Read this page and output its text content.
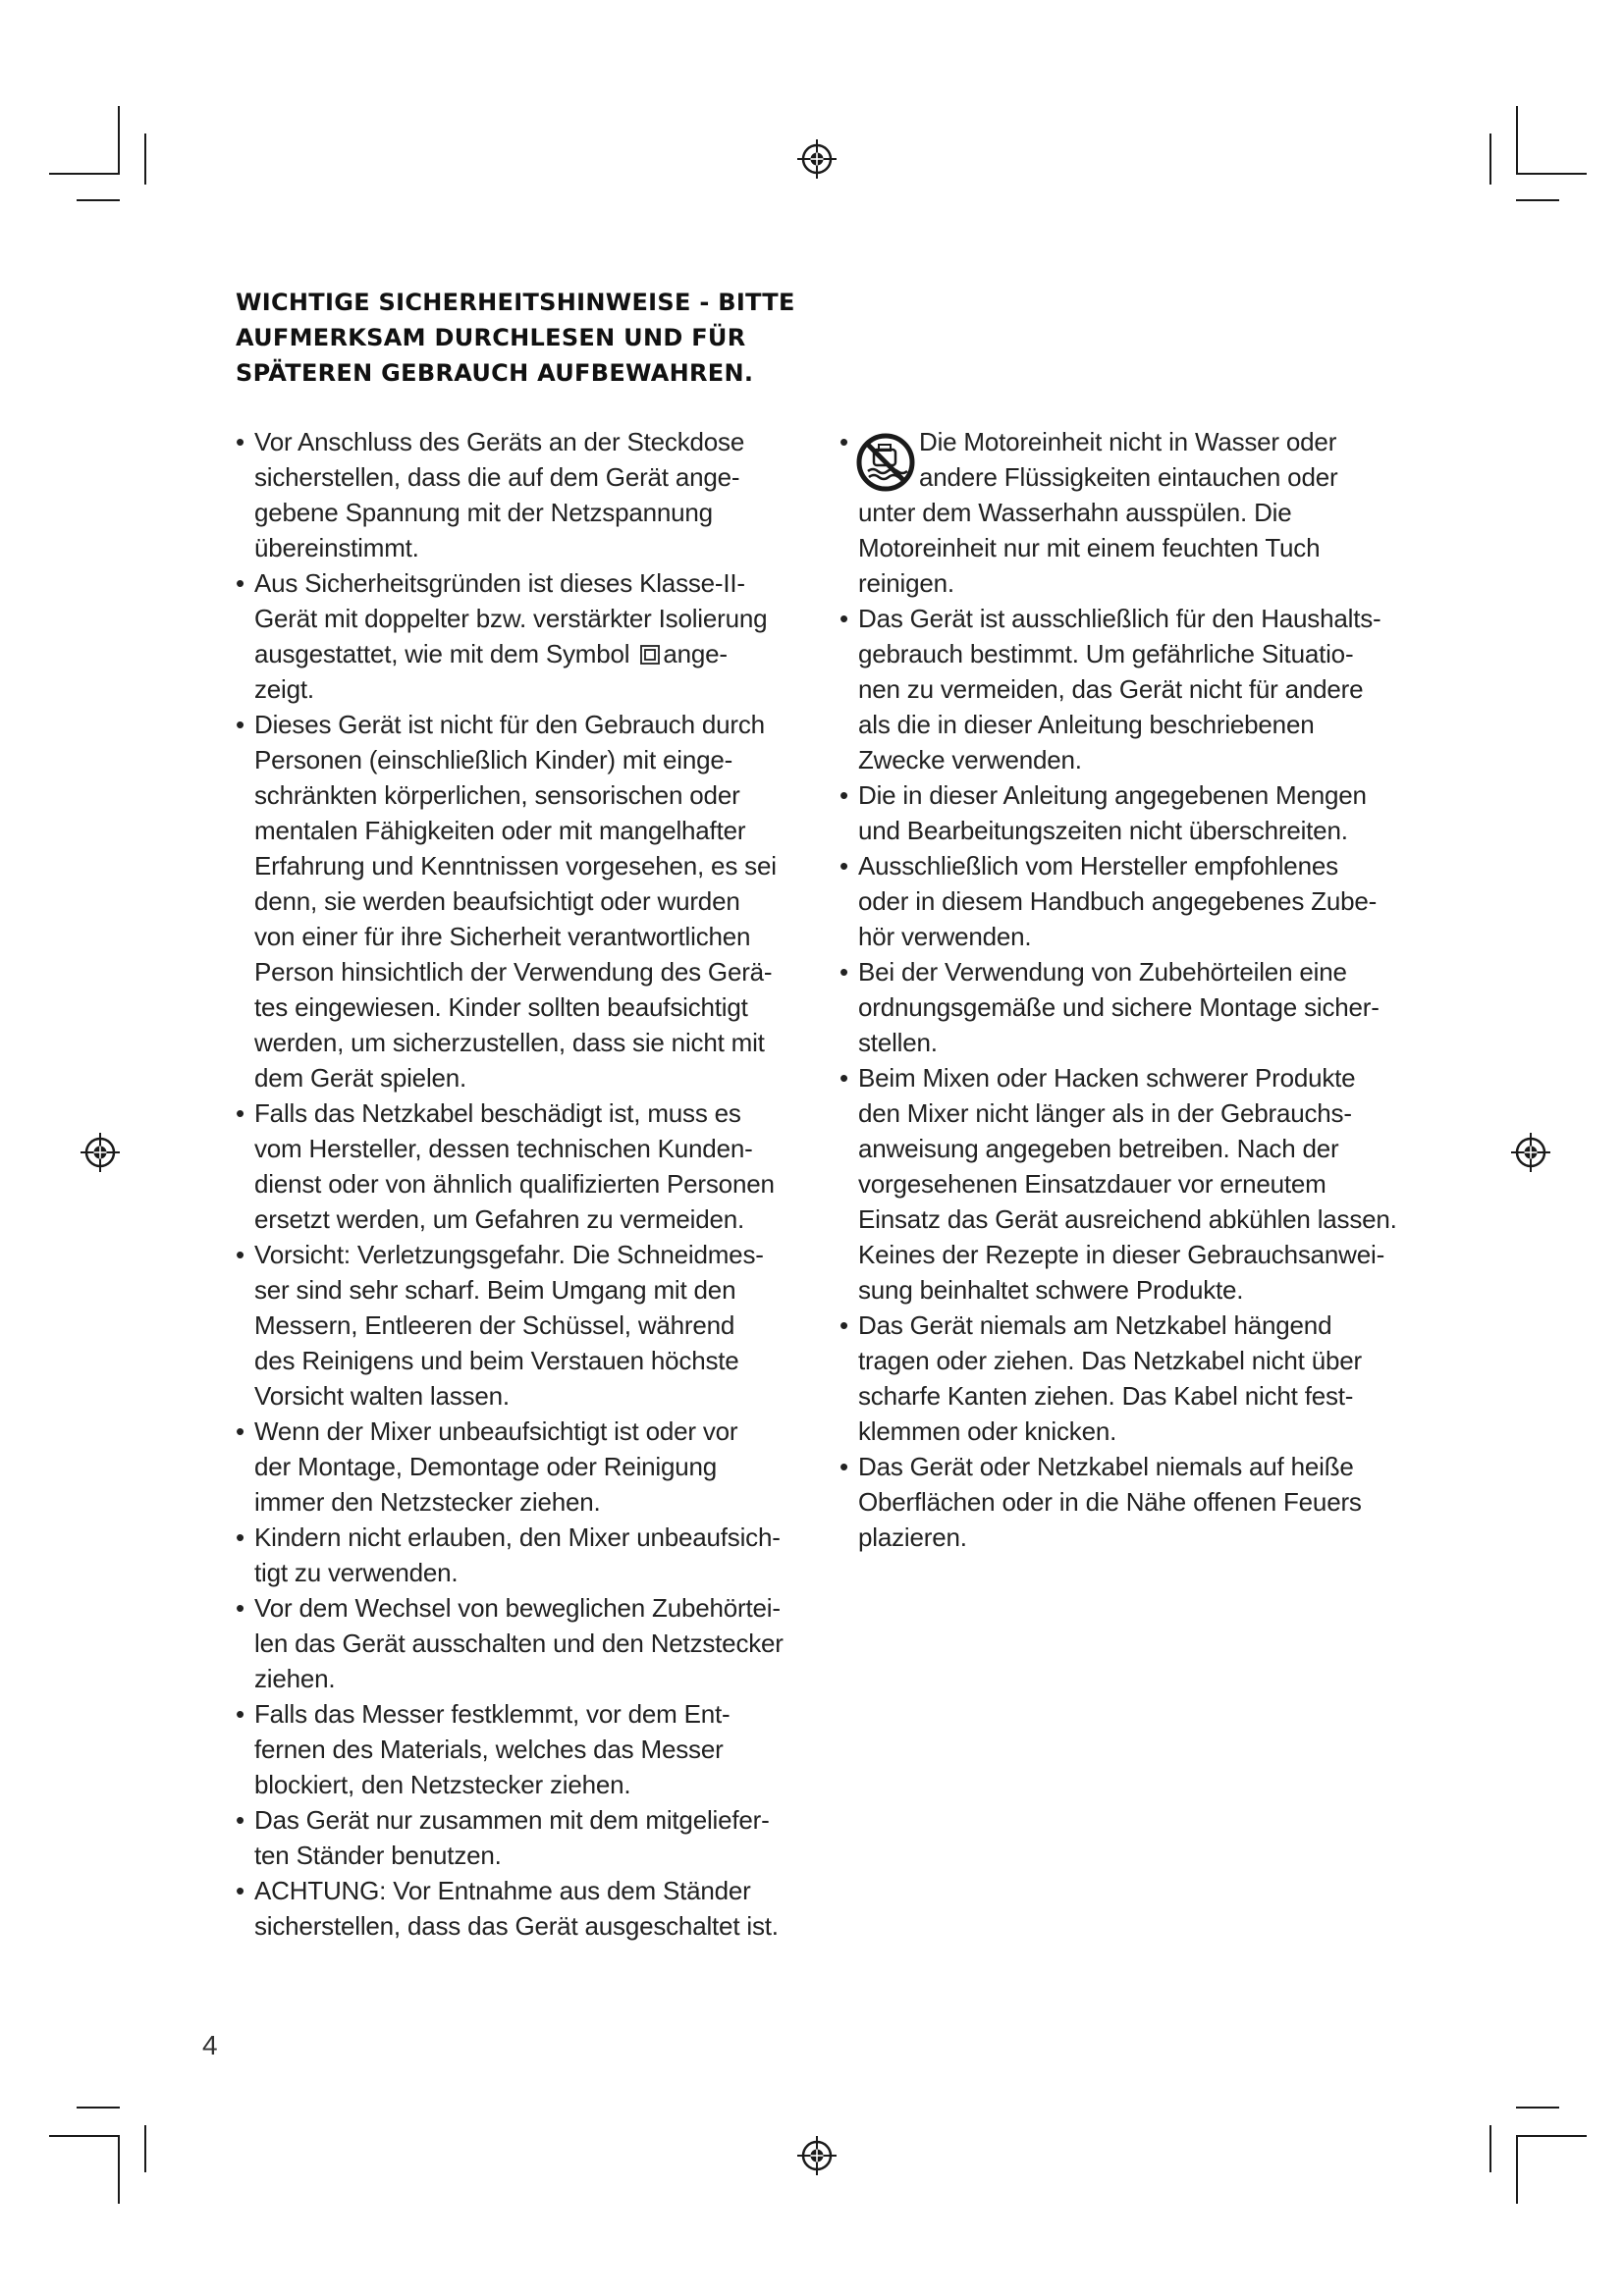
WICHTIGE SICHERHEITSHINWEISE - BITTE
AUFMERKSAM DURCHLESEN UND FÜR
SPÄTEREN GEBRAUCH AUFBEWAHREN.
• Vor Anschluss des Geräts an der Steckdose
sicherstellen, dass die auf dem Gerät ange-
gebene Spannung mit der Netzspannung
übereinstimmt.
• Aus Sicherheitsgründen ist dieses Klasse-II-
Gerät mit doppelter bzw. verstärkter Isolierung
ausgestattet, wie mit dem Symbol ange-
zeigt.
• Dieses Gerät ist nicht für den Gebrauch durch
Personen (einschließlich Kinder) mit einge-
schränkten körperlichen, sensorischen oder
mentalen Fähigkeiten oder mit mangelhafter
Erfahrung und Kenntnissen vorgesehen, es sei
denn, sie werden beaufsichtigt oder wurden
von einer für ihre Sicherheit verantwortlichen
Person hinsichtlich der Verwendung des Gerä-
tes eingewiesen. Kinder sollten beaufsichtigt
werden, um sicherzustellen, dass sie nicht mit
dem Gerät spielen.
• Falls das Netzkabel beschädigt ist, muss es
vom Hersteller, dessen technischen Kunden-
dienst oder von ähnlich qualifizierten Personen
ersetzt werden, um Gefahren zu vermeiden.
• Vorsicht: Verletzungsgefahr. Die Schneidmes-
ser sind sehr scharf. Beim Umgang mit den
Messern, Entleeren der Schüssel, während
des Reinigens und beim Verstauen höchste
Vorsicht walten lassen.
• Wenn der Mixer unbeaufsichtigt ist oder vor
der Montage, Demontage oder Reinigung
immer den Netzstecker ziehen.
• Kindern nicht erlauben, den Mixer unbeaufsich-
tigt zu verwenden.
• Vor dem Wechsel von beweglichen Zubehörtei-
len das Gerät ausschalten und den Netzstecker
ziehen.
• Falls das Messer festklemmt, vor dem Ent-
fernen des Materials, welches das Messer
blockiert, den Netzstecker ziehen.
• Das Gerät nur zusammen mit dem mitgeliefer-
ten Ständer benutzen.
• ACHTUNG: Vor Entnahme aus dem Ständer
sicherstellen, dass das Gerät ausgeschaltet ist.
• Die Motoreinheit nicht in Wasser oder
andere Flüssigkeiten eintauchen oder
unter dem Wasserhahn ausspülen. Die
Motoreinheit nur mit einem feuchten Tuch
reinigen.
• Das Gerät ist ausschließlich für den Haushalts-
gebrauch bestimmt. Um gefährliche Situatio-
nen zu vermeiden, das Gerät nicht für andere
als die in dieser Anleitung beschriebenen
Zwecke verwenden.
• Die in dieser Anleitung angegebenen Mengen
und Bearbeitungszeiten nicht überschreiten.
• Ausschließlich vom Hersteller empfohlenes
oder in diesem Handbuch angegebenes Zube-
hör verwenden.
• Bei der Verwendung von Zubehörteilen eine
ordnungsgemäße und sichere Montage sicher-
stellen.
• Beim Mixen oder Hacken schwerer Produkte
den Mixer nicht länger als in der Gebrauchs-
anweisung angegeben betreiben. Nach der
vorgesehenen Einsatzdauer vor erneutem
Einsatz das Gerät ausreichend abkühlen lassen.
Keines der Rezepte in dieser Gebrauchsanwei-
sung beinhaltet schwere Produkte.
• Das Gerät niemals am Netzkabel hängend
tragen oder ziehen. Das Netzkabel nicht über
scharfe Kanten ziehen. Das Kabel nicht fest-
klemmen oder knicken.
• Das Gerät oder Netzkabel niemals auf heiße
Oberflächen oder in die Nähe offenen Feuers
plazieren.
4
